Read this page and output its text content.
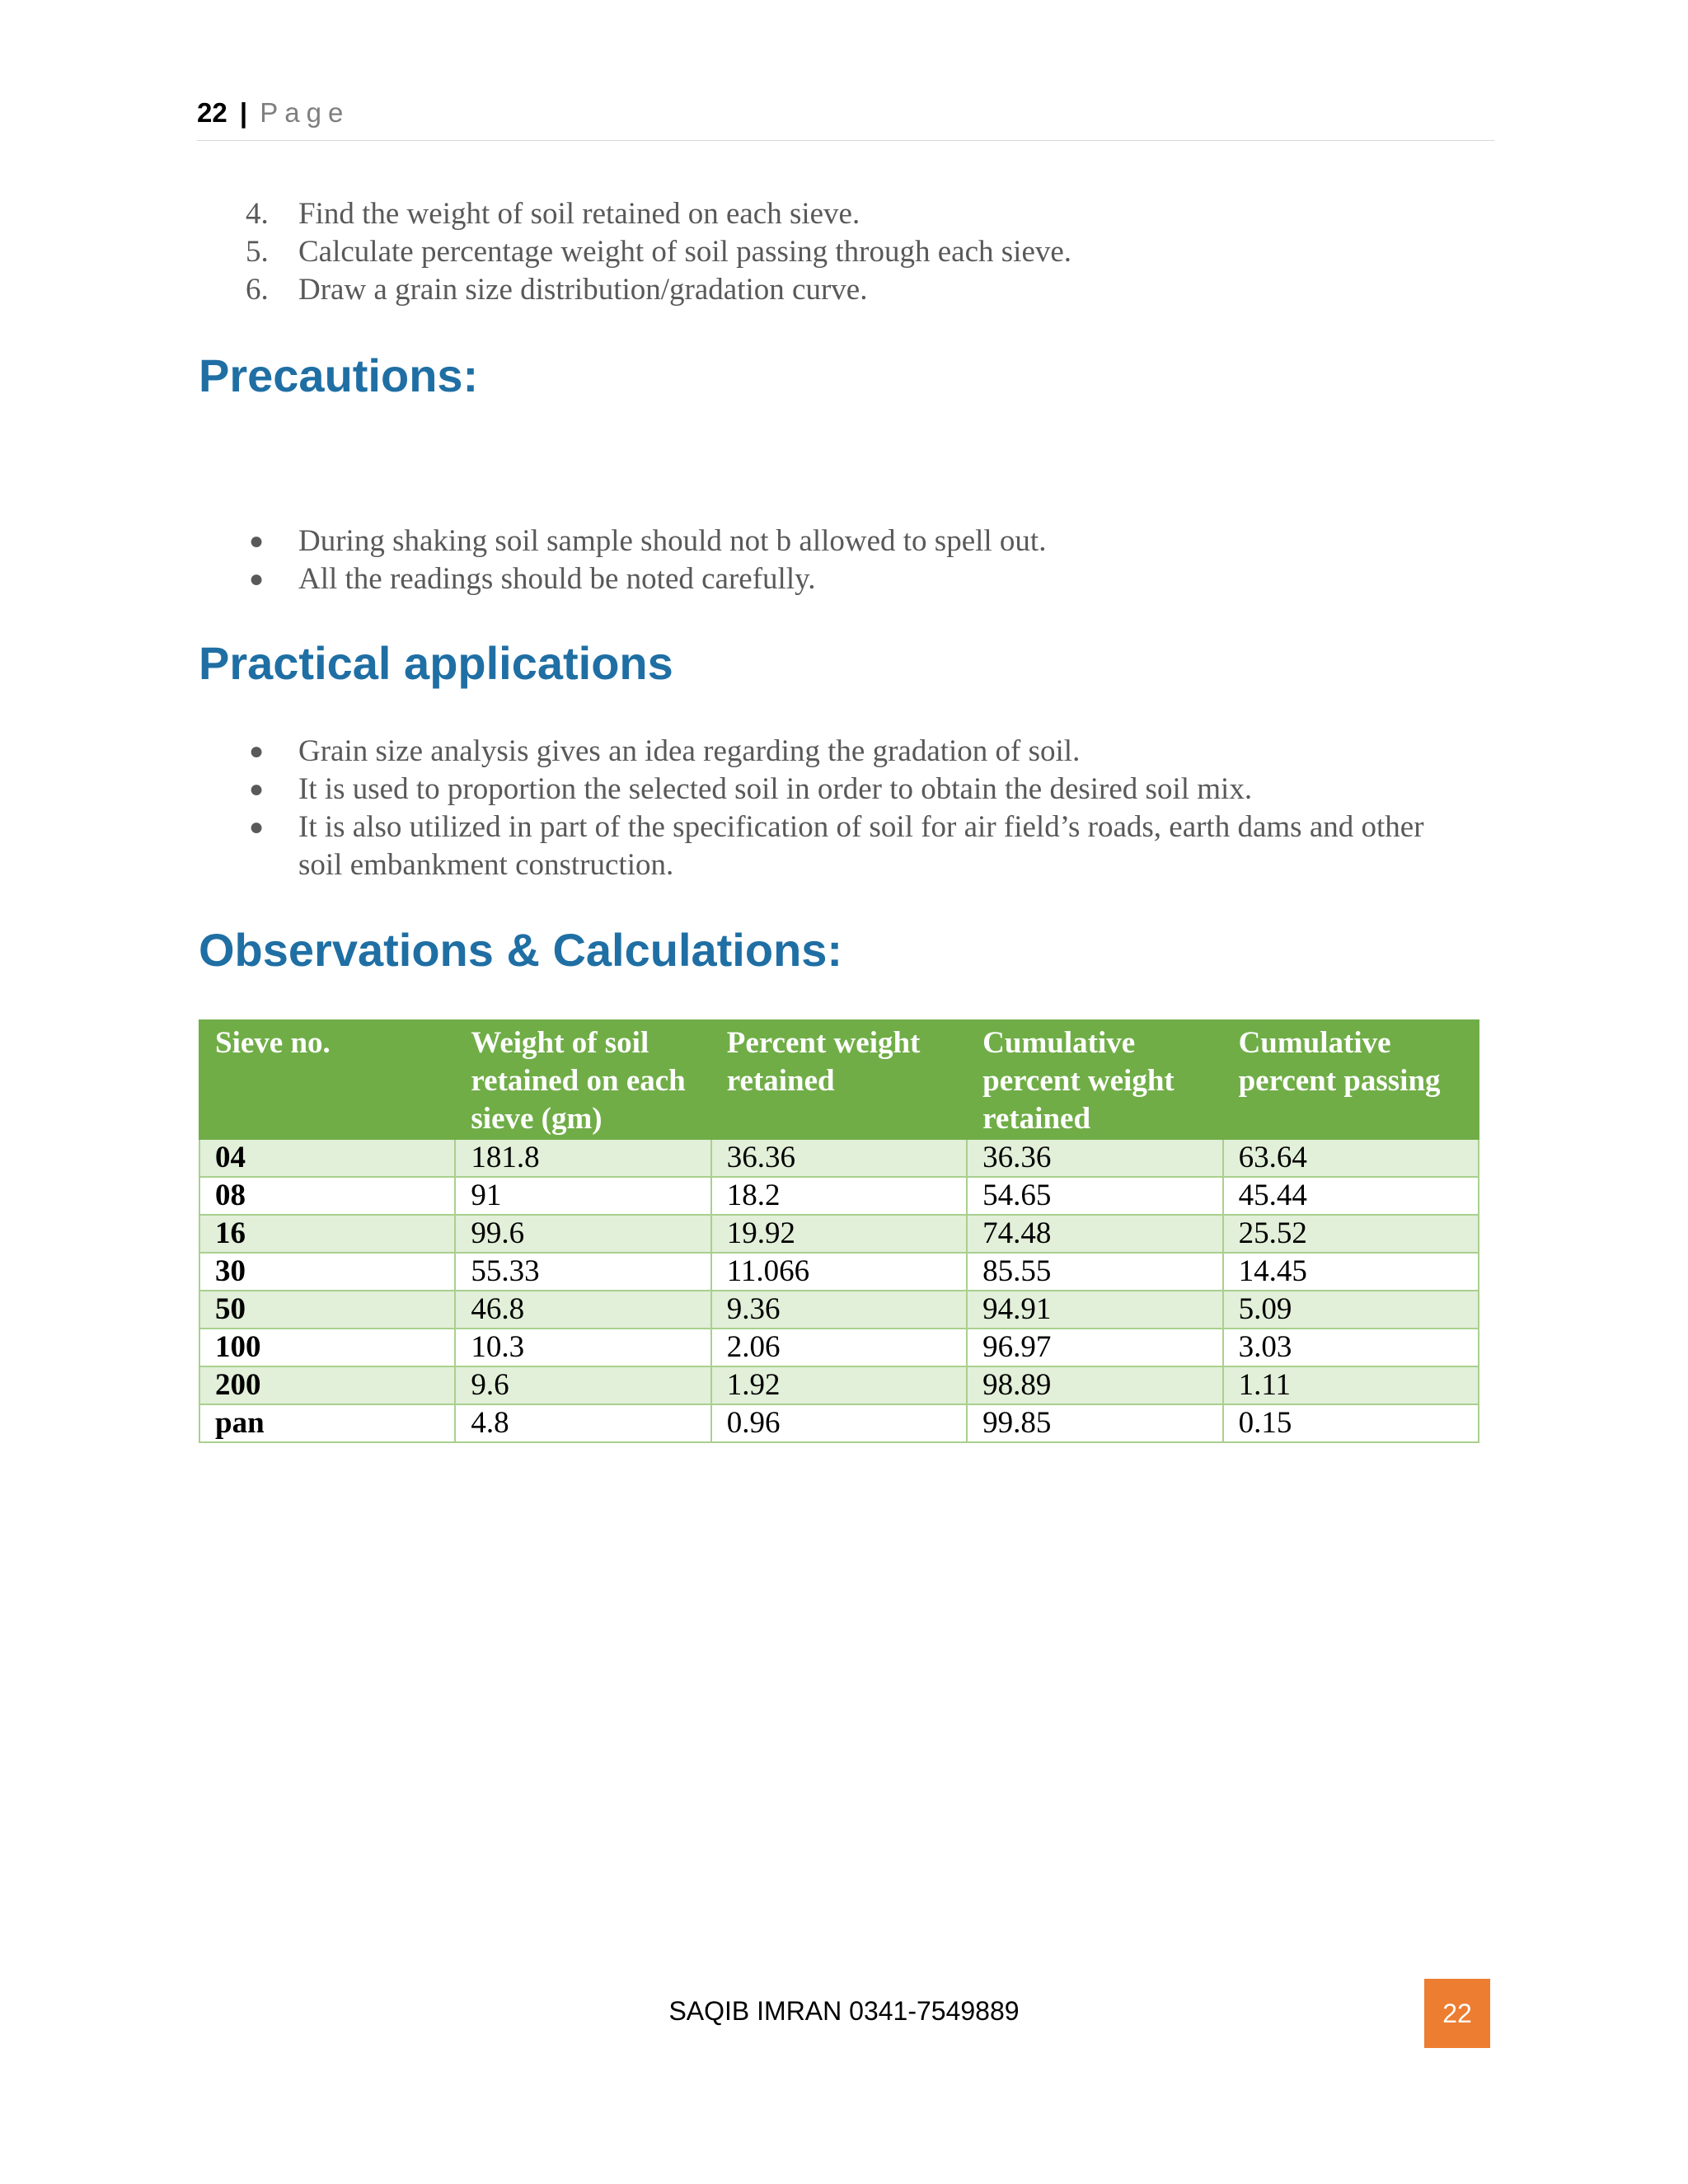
22 | Page
4. Find the weight of soil retained on each sieve.
5. Calculate percentage weight of soil passing through each sieve.
6. Draw a grain size distribution/gradation curve.
Precautions:
●	During shaking soil sample should not b allowed to spell out.
●	All the readings should be noted carefully.
Practical applications
●	Grain size analysis gives an idea regarding the gradation of soil.
●	It is used to proportion the selected soil in order to obtain the desired soil mix.
●	It is also utilized in part of the specification of soil for air field’s roads, earth dams and other soil embankment construction.
Observations & Calculations:
Sieve no.	Weight of soil retained on each sieve (gm)	Percent weight retained	Cumulative percent weight retained	Cumulative percent passing
04	181.8	36.36	36.36	63.64
08	91	18.2	54.65	45.44
16	99.6	19.92	74.48	25.52
30	55.33	11.066	85.55	14.45
50	46.8	9.36	94.91	5.09
100	10.3	2.06	96.97	3.03
200	9.6	1.92	98.89	1.11
pan	4.8	0.96	99.85	0.15
SAQIB IMRAN 0341-7549889	22
